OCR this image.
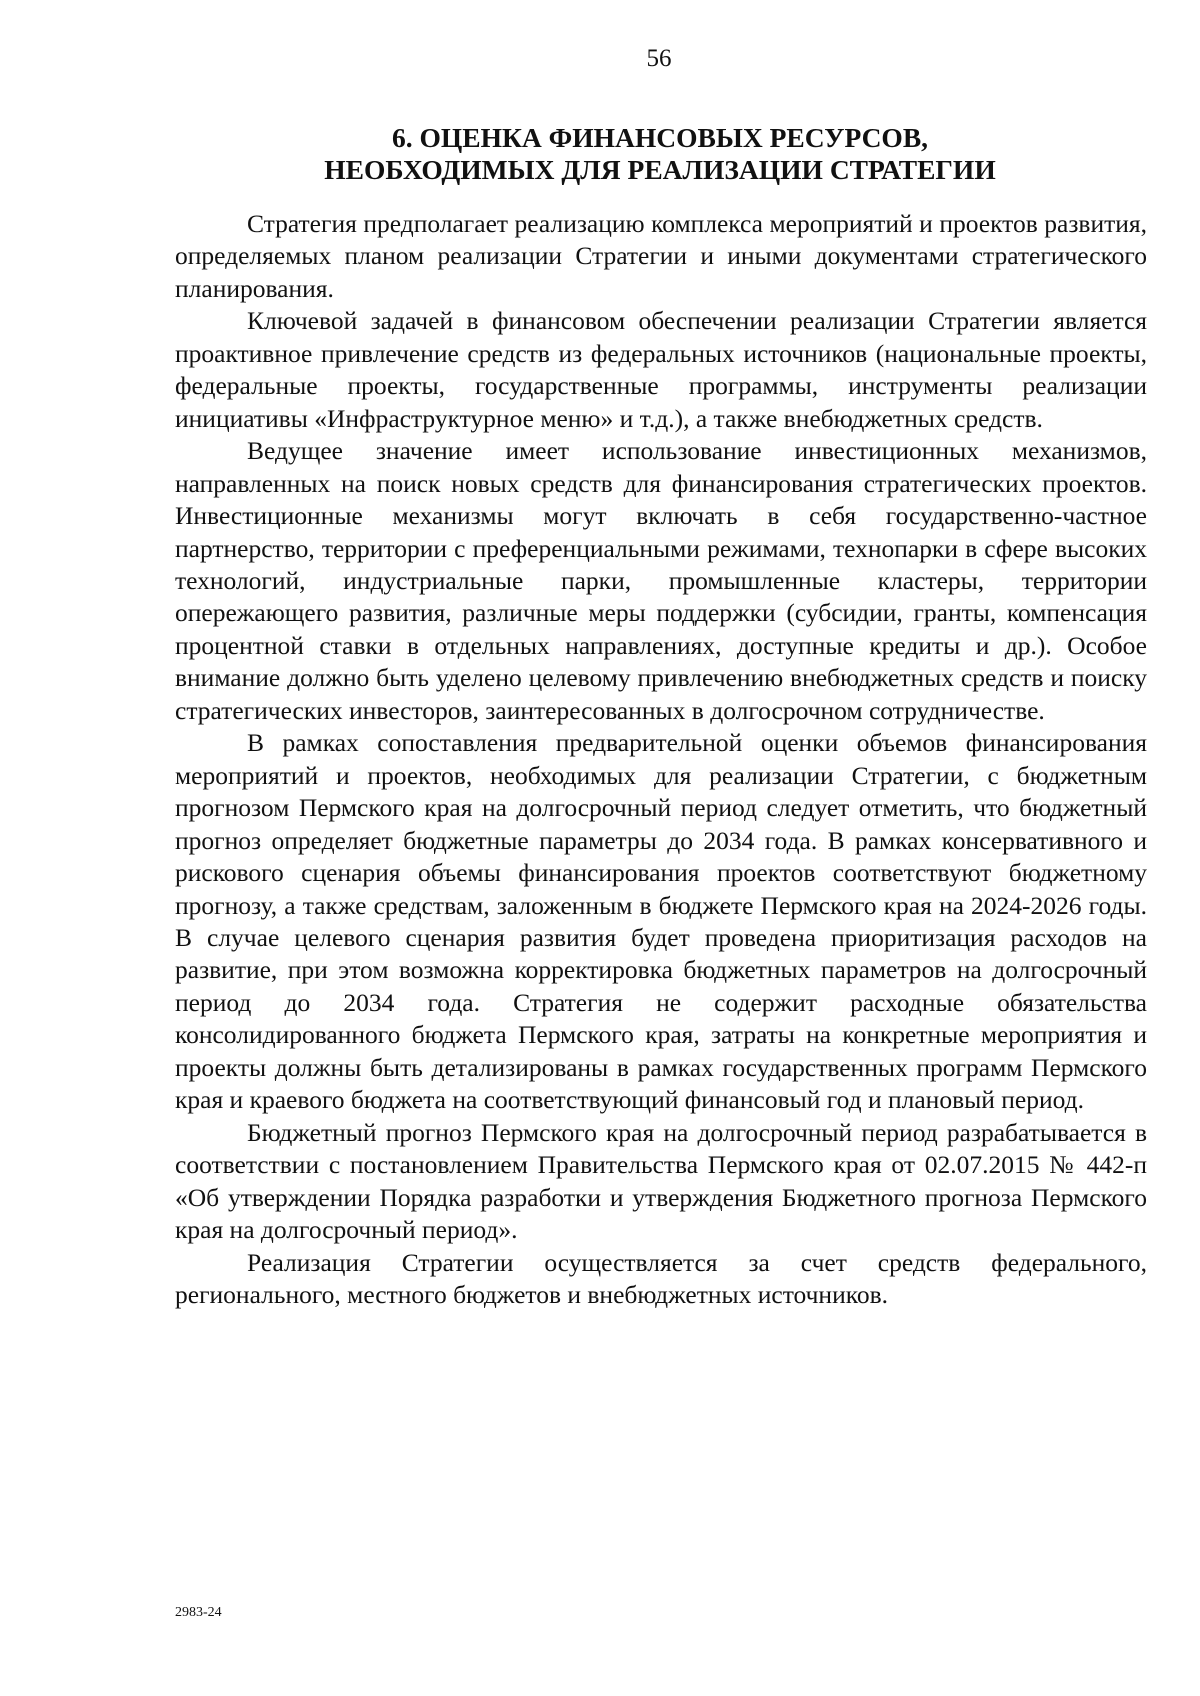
56
6. ОЦЕНКА ФИНАНСОВЫХ РЕСУРСОВ,
НЕОБХОДИМЫХ ДЛЯ РЕАЛИЗАЦИИ СТРАТЕГИИ

Стратегия предполагает реализацию комплекса мероприятий и проектов развития, определяемых планом реализации Стратегии и иными документами стратегического планирования.

Ключевой задачей в финансовом обеспечении реализации Стратегии является проактивное привлечение средств из федеральных источников (национальные проекты, федеральные проекты, государственные программы, инструменты реализации инициативы «Инфраструктурное меню» и т.д.), а также внебюджетных средств.

Ведущее значение имеет использование инвестиционных механизмов, направленных на поиск новых средств для финансирования стратегических проектов. Инвестиционные механизмы могут включать в себя государственно-частное партнерство, территории с преференциальными режимами, технопарки в сфере высоких технологий, индустриальные парки, промышленные кластеры, территории опережающего развития, различные меры поддержки (субсидии, гранты, компенсация процентной ставки в отдельных направлениях, доступные кредиты и др.). Особое внимание должно быть уделено целевому привлечению внебюджетных средств и поиску стратегических инвесторов, заинтересованных в долгосрочном сотрудничестве.

В рамках сопоставления предварительной оценки объемов финансирования мероприятий и проектов, необходимых для реализации Стратегии, с бюджетным прогнозом Пермского края на долгосрочный период следует отметить, что бюджетный прогноз определяет бюджетные параметры до 2034 года. В рамках консервативного и рискового сценария объемы финансирования проектов соответствуют бюджетному прогнозу, а также средствам, заложенным в бюджете Пермского края на 2024-2026 годы. В случае целевого сценария развития будет проведена приоритизация расходов на развитие, при этом возможна корректировка бюджетных параметров на долгосрочный период до 2034 года. Стратегия не содержит расходные обязательства консолидированного бюджета Пермского края, затраты на конкретные мероприятия и проекты должны быть детализированы в рамках государственных программ Пермского края и краевого бюджета на соответствующий финансовый год и плановый период.

Бюджетный прогноз Пермского края на долгосрочный период разрабатывается в соответствии с постановлением Правительства Пермского края от 02.07.2015 № 442-п «Об утверждении Порядка разработки и утверждения Бюджетного прогноза Пермского края на долгосрочный период».

Реализация Стратегии осуществляется за счет средств федерального, регионального, местного бюджетов и внебюджетных источников.

2983-24
